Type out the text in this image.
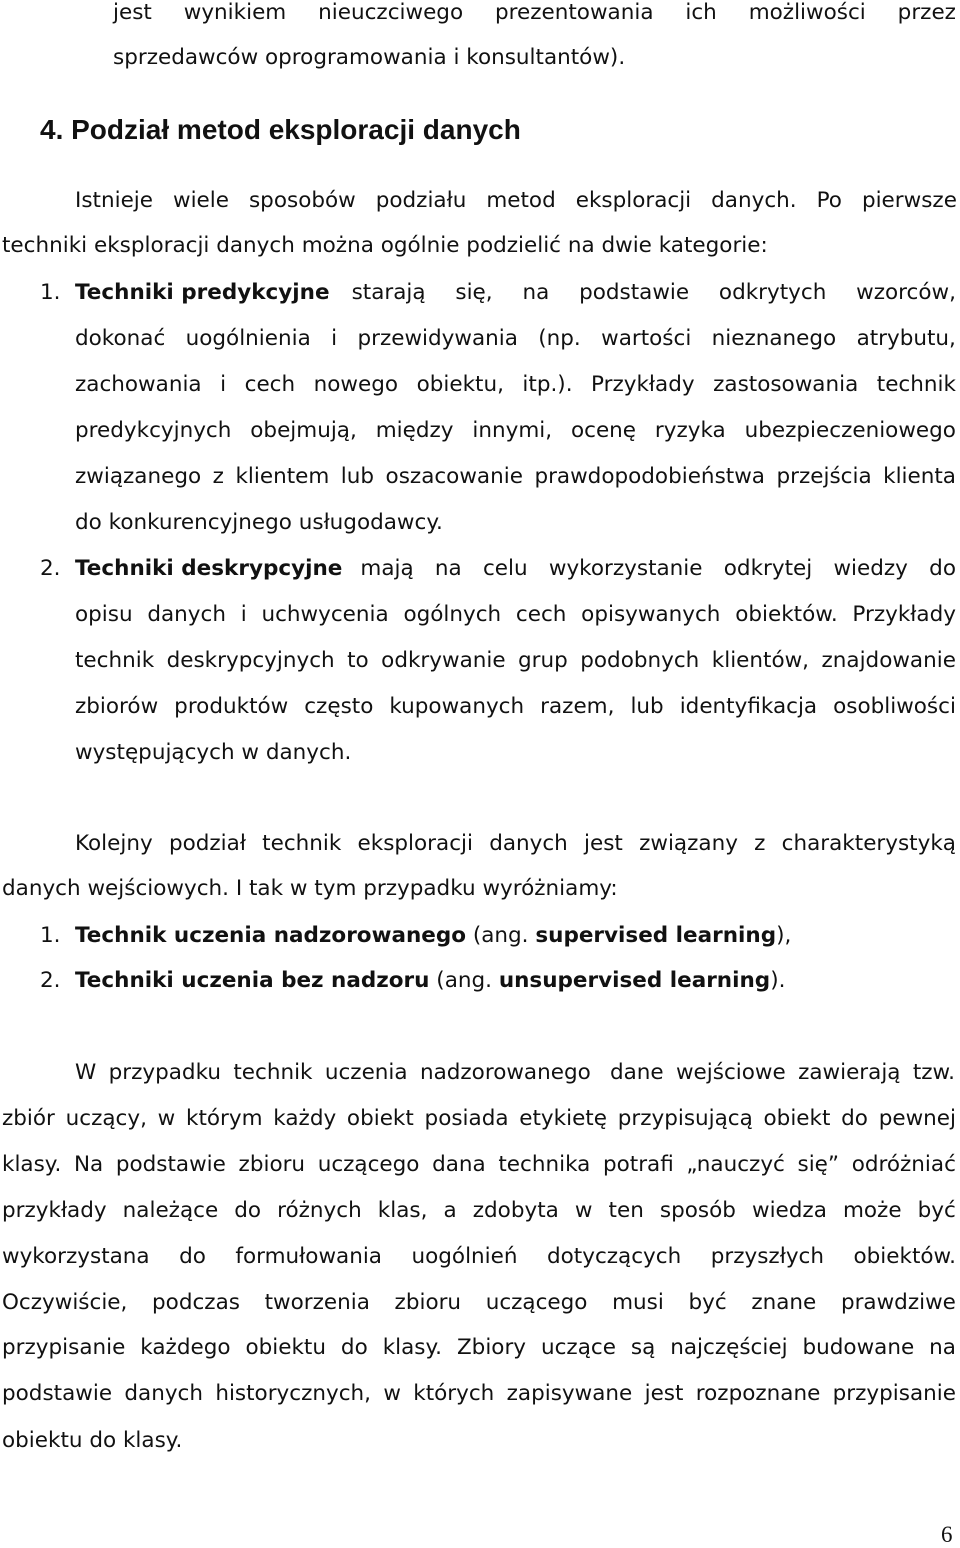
jest wynikiem nieuczciwego prezentowania ich możliwości przez
sprzedawców oprogramowania i konsultantów).
4. Podział metod eksploracji danych
Istnieje wiele sposobów podziału metod eksploracji danych. Po pierwsze
techniki eksploracji danych można ogólnie podzielić na dwie kategorie:
1. Techniki predykcyjne starają się, na podstawie odkrytych wzorców,
dokonać uogólnienia i przewidywania (np. wartości nieznanego atrybutu,
zachowania i cech nowego obiektu, itp.). Przykłady zastosowania technik
predykcyjnych obejmują, między innymi, ocenę ryzyka ubezpieczeniowego
związanego z klientem lub oszacowanie prawdopodobieństwa przejścia klienta
do konkurencyjnego usługodawcy.
2. Techniki deskrypcyjne mają na celu wykorzystanie odkrytej wiedzy do
opisu danych i uchwycenia ogólnych cech opisywanych obiektów. Przykłady
technik deskrypcyjnych to odkrywanie grup podobnych klientów, znajdowanie
zbiorów produktów często kupowanych razem, lub identyfikacja osobliwości
występujących w danych.
Kolejny podział technik eksploracji danych jest związany z charakterystyką
danych wejściowych. I tak w tym przypadku wyróżniamy:
1. Technik uczenia nadzorowanego (ang. supervised learning),
2. Techniki uczenia bez nadzoru (ang. unsupervised learning).
W przypadku technik uczenia nadzorowanego dane wejściowe zawierają tzw.
zbiór uczący, w którym każdy obiekt posiada etykietę przypisującą obiekt do pewnej
klasy. Na podstawie zbioru uczącego dana technika potrafi „nauczyć się” odróżniać
przykłady należące do różnych klas, a zdobyta w ten sposób wiedza może być
wykorzystana do formułowania uogólnień dotyczących przyszłych obiektów.
Oczywiście, podczas tworzenia zbioru uczącego musi być znane prawdziwe
przypisanie każdego obiektu do klasy. Zbiory uczące są najczęściej budowane na
podstawie danych historycznych, w których zapisywane jest rozpoznane przypisanie
obiektu do klasy.
6
